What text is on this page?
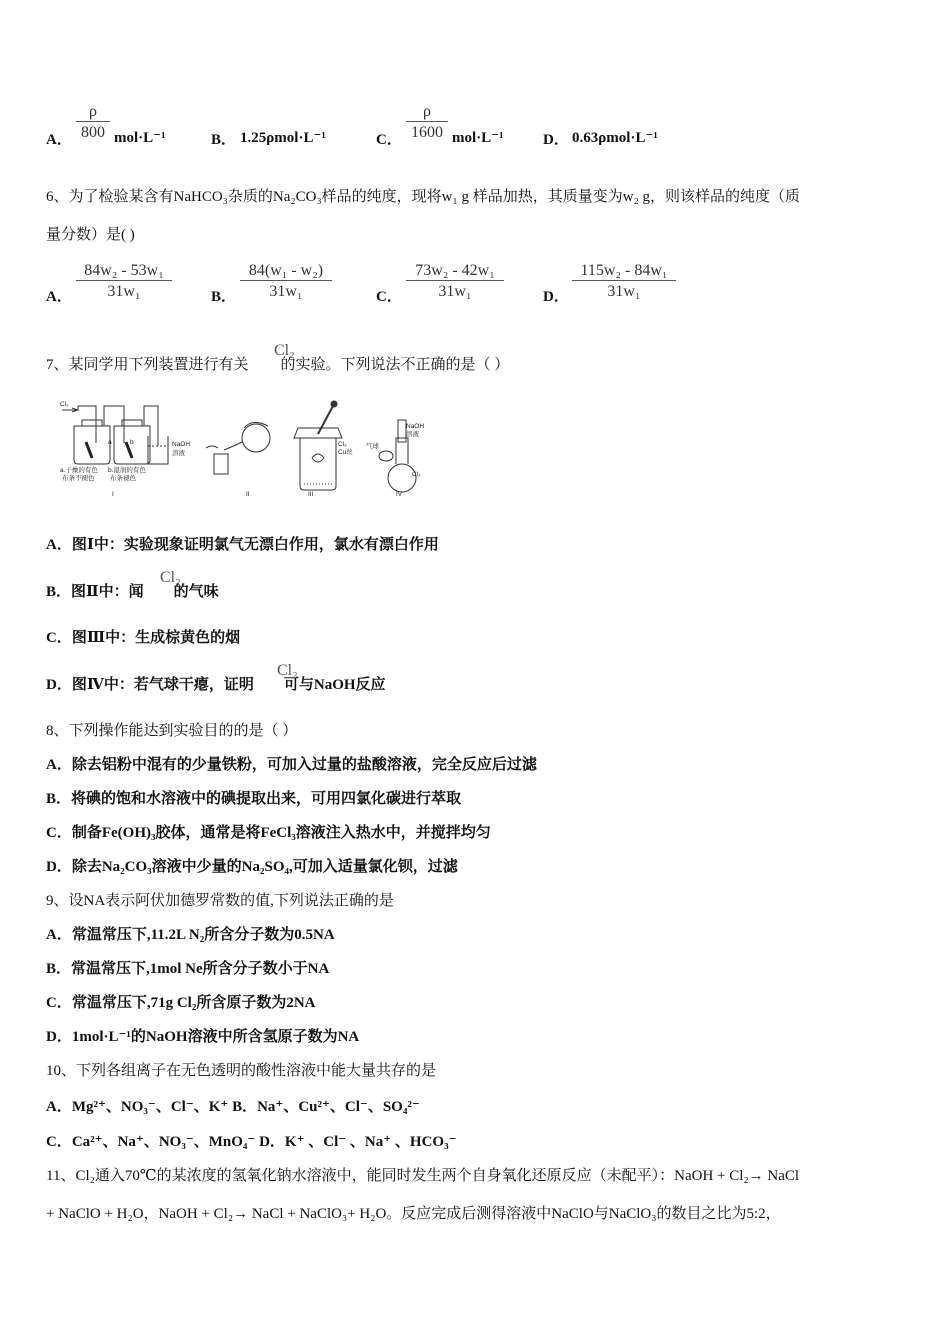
A． $\frac{\rho}{800} mol\cdot L^{-1}$	B． 1.25ρmol·L⁻¹	C． $\frac{\rho}{1600} mol\cdot L^{-1}$	D． 0.63ρmol·L⁻¹
6、为了检验某含有NaHCO₃杂质的Na₂CO₃样品的纯度，现将w₁ g 样品加热，其质量变为w₂ g，则该样品的纯度（质
量分数）是( )
A． $\frac{\text{84w₂ - 53w₁}}{\text{31w₁}}$	B． $\frac{\text{84(w₁ - w₂)}}{\text{31w₁}}$	C． $\frac{\text{73w₂ - 42w₁}}{\text{31w₁}}$	D． $\frac{\text{115w₂ - 84w₁}}{\text{31w₁}}$
7、某同学用下列装置进行有关 的实验。下列说法不正确的是（ ）
Cl₂
Cl₂
a	b	NaOH
溶液
a.干燥的有色
布条不褪色
b.湿润的有色
布条褪色
Cl₂
Cu丝
气球
NaOH
溶液
Cl₂
I	II	III	IV
A．图Ⅰ中：实验现象证明氯气无漂白作用，氯水有漂白作用
B．图Ⅱ中：闻 的气味
Cl₂
C．图Ⅲ中：生成棕黄色的烟
D．图Ⅳ中：若气球干瘪，证明 可与NaOH反应
Cl₂
8、下列操作能达到实验目的的是（ ）
A．除去铝粉中混有的少量铁粉，可加入过量的盐酸溶液，完全反应后过滤
B．将碘的饱和水溶液中的碘提取出来，可用四氯化碳进行萃取
C．制备Fe(OH)₃胶体，通常是将FeCl₃溶液注入热水中，并搅拌均匀
D．除去Na₂CO₃溶液中少量的Na₂SO₄,可加入适量氯化钡，过滤
9、设NA表示阿伏加德罗常数的值,下列说法正确的是
A．常温常压下,11.2L N₂所含分子数为0.5NA
B．常温常压下,1mol Ne所含分子数小于NA
C．常温常压下,71g Cl₂所含原子数为2NA
D．1mol·L⁻¹的NaOH溶液中所含氢原子数为NA
10、下列各组离子在无色透明的酸性溶液中能大量共存的是
A．Mg²⁺、NO₃⁻、Cl⁻、K⁺ B．Na⁺、Cu²⁺、Cl⁻、SO₄²⁻
C．Ca²⁺、Na⁺、NO₃⁻、MnO₄⁻ D．K⁺ 、Cl⁻ 、Na⁺ 、HCO₃⁻
11、Cl₂通入70℃的某浓度的氢氧化钠水溶液中，能同时发生两个自身氧化还原反应（未配平）：NaOH + Cl₂→ NaCl
+ NaClO + H₂O，NaOH + Cl₂→ NaCl + NaClO₃+ H₂O。反应完成后测得溶液中NaClO与NaClO₃的数目之比为5:2，
